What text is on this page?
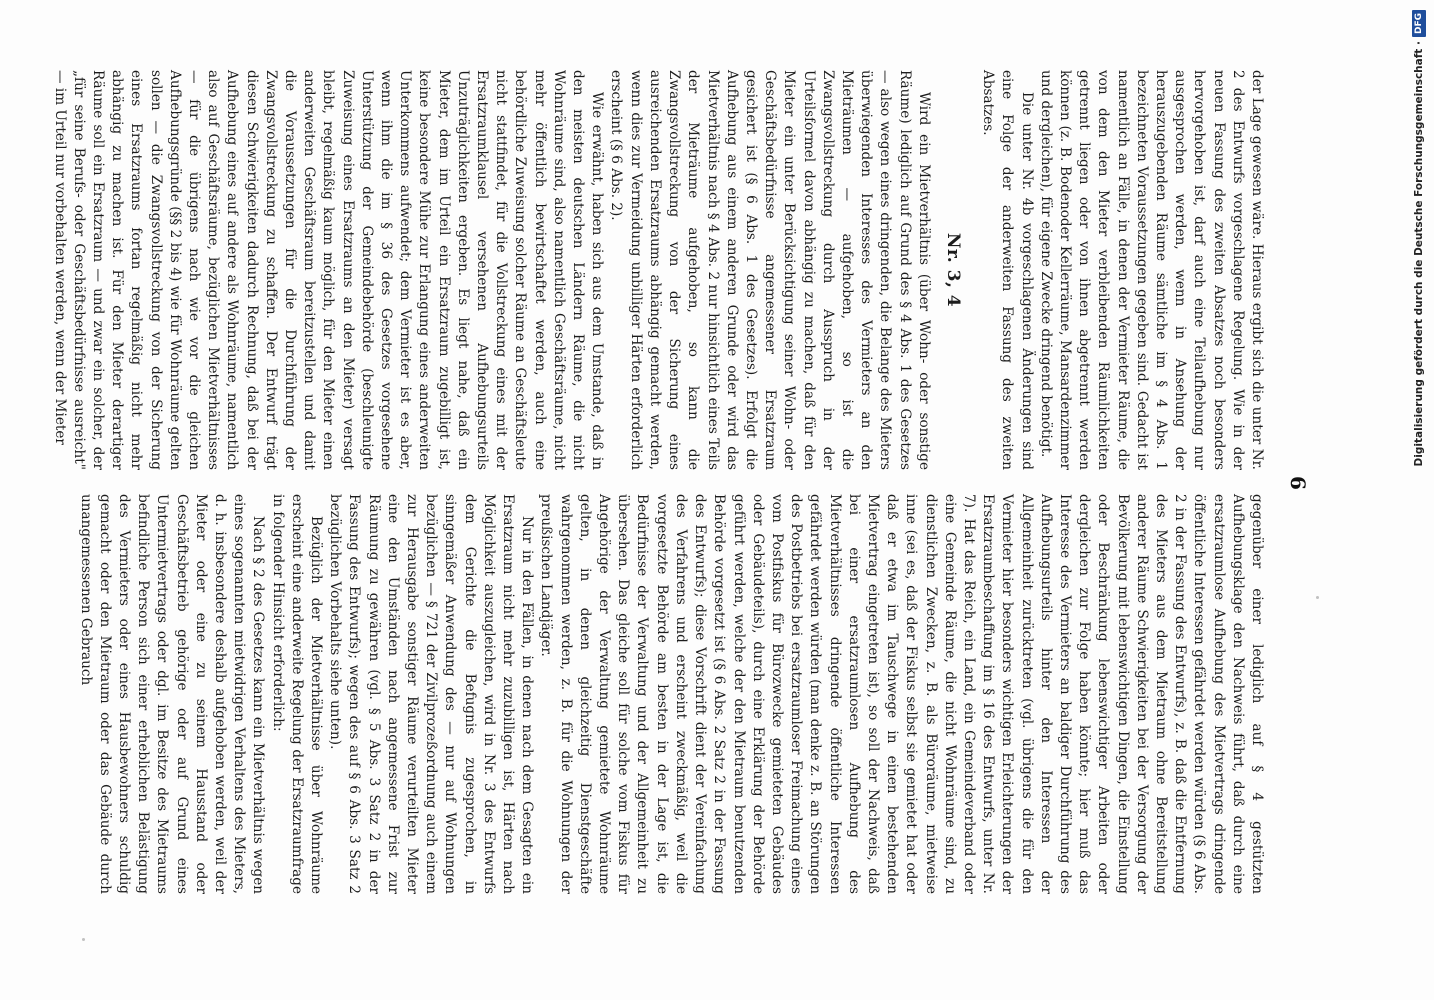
6

der Lage gewesen wäre. Hieraus ergibt sich die unter Nr. 2 des Entwurfs vorgeschlagene Regelung. Wie in der neuen Fassung des zweiten Absatzes noch besonders hervorgehoben ist, darf auch eine Teilaufhebung nur ausgesprochen werden, wenn in Ansehung der herauszugebenden Räume sämtliche im § 4 Abs. 1 bezeichneten Voraussetzungen gegeben sind. Gedacht ist namentlich an Fälle, in denen der Vermieter Räume, die von dem den Mieter verbleibenden Räumlichkeiten getrennt liegen oder von ihnen abgetrennt werden können (z. B. Bodenoder Kellerräume, Mansardenzimmer und dergleichen), für eigene Zwecke dringend benötigt.

Die unter Nr. 4b vorgeschlagenen Änderungen sind eine Folge der anderweiten Fassung des zweiten Absatzes.

Nr. 3, 4

Wird ein Mietverhältnis (über Wohn- oder sonstige Räume) lediglich auf Grund des § 4 Abs. 1 des Gesetzes — also wegen eines dringenden, die Belange des Mieters überwiegenden Interesses des Vermieters an den Mieträumen — aufgehoben, so ist die Zwangsvollstreckung durch Ausspruch in der Urteilsformel davon abhängig zu machen, daß für den Mieter ein unter Berücksichtigung seiner Wohn- oder Geschäftsbedürfnisse angemessener Ersatzraum gesichert ist (§ 6 Abs. 1 des Gesetzes). Erfolgt die Aufhebung aus einem anderen Grunde oder wird das Mietverhältnis nach § 4 Abs. 2 nur hinsichtlich eines Teils der Mieträume aufgehoben, so kann die Zwangsvollstreckung von der Sicherung eines ausreichenden Ersatzraums abhängig gemacht werden, wenn dies zur Vermeidung unbilliger Härten erforderlich erscheint (§ 6 Abs. 2).

Wie erwähnt, haben sich aus dem Umstande, daß in den meisten deutschen Ländern Räume, die nicht Wohnräume sind, also namentlich Geschäftsräume, nicht mehr öffentlich bewirtschaftet werden, auch eine behördliche Zuweisung solcher Räume an Geschäftsleute nicht stattfindet, für die Vollstreckung eines mit der Ersatzraumklausel versehenen Aufhebungsurteils Unzuträglichkeiten ergeben. Es liegt nahe, daß ein Mieter, dem im Urteil ein Ersatzraum zugebilligt ist, keine besondere Mühe zur Erlangung eines anderweiten Unterkommens aufwendet; dem Vermieter ist es aber, wenn ihm die im § 36 des Gesetzes vorgesehene Unterstützung der Gemeindebehörde (beschleunigte Zuweisung eines Ersatzraums an den Mieter) versagt bleibt, regelmäßig kaum möglich, für den Mieter einen anderweiten Geschäftsraum bereitzustellen und damit die Voraussetzungen für die Durchführung der Zwangsvollstreckung zu schaffen. Der Entwurf trägt diesen Schwierigkeiten dadurch Rechnung, daß bei der Aufhebung eines auf andere als Wohnräume, namentlich also auf Geschäftsräume, bezüglichen Mietverhältnisses — für die übrigens nach wie vor die gleichen Aufhebungsgründe (§§ 2 bis 4) wie für Wohnräume gelten sollen — die Zwangsvollstreckung von der Sicherung eines Ersatzraums fortan regelmäßig nicht mehr abhängig zu machen ist. Für den Mieter derartiger Räume soll ein Ersatzraum — und zwar ein solcher, der „für seine Berufs- oder Geschäftsbedürfnisse ausreicht" — im Urteil nur vorbehalten werden, wenn der Mieter

gegenüber einer lediglich auf § 4 gestützten Aufhebungsklage den Nachweis führt, daß durch eine ersatzraumlose Aufhebung des Mietvertrags dringende öffentliche Interessen gefährdet werden würden (§ 6 Abs. 2 in der Fassung des Entwurfs), z. B. daß die Entfernung des Mieters aus dem Mietraum ohne Bereitstellung anderer Räume Schwierigkeiten bei der Versorgung der Bevölkerung mit lebenswichtigen Dingen, die Einstellung oder Beschränkung lebenswichtiger Arbeiten oder dergleichen zur Folge haben könnte; hier muß das Interesse des Vermieters an baldiger Durchführung des Aufhebungsurteils hinter den Interessen der Allgemeinheit zurücktreten (vgl. übrigens die für den Vermieter hier besonders wichtigen Erleichterungen der Ersatzraumbeschaffung im § 16 des Entwurfs, unter Nr. 7). Hat das Reich, ein Land, ein Gemeindeverband oder eine Gemeinde Räume, die nicht Wohnräume sind, zu dienstlichen Zwecken, z. B. als Büroräume, mietweise inne (sei es, daß der Fiskus selbst sie gemietet hat oder daß er etwa im Tauschwege in einen bestehenden Mietvertrag eingetreten ist), so soll der Nachweis, daß bei einer ersatzraumlosen Aufhebung des Mietverhältnisses dringende öffentliche Interessen gefährdet werden würden (man denke z. B. an Störungen des Postbetriebs bei ersatzraumloser Freimachung eines vom Postfiskus für Bürozwecke gemieteten Gebäudes oder Gebäudeteils), durch eine Erklärung der Behörde geführt werden, welche der den Mietraum benutzenden Behörde vorgesetzt ist (§ 6 Abs. 2 Satz 2 in der Fassung des Entwurfs); diese Vorschrift dient der Vereinfachung des Verfahrens und erscheint zweckmäßig, weil die vorgesetzte Behörde am besten in der Lage ist, die Bedürfnisse der Verwaltung und der Allgemeinheit zu übersehen. Das gleiche soll für solche vom Fiskus für Angehörige der Verwaltung gemietete Wohnräume gelten, in denen gleichzeitig Dienstgeschäfte wahrgenommen werden, z. B. für die Wohnungen der preußischen Landjäger.

Nur in den Fällen, in denen nach dem Gesagten ein Ersatzraum nicht mehr zuzubilligen ist, Härten nach Möglichkeit auszugleichen, wird in Nr. 3 des Entwurfs dem Gerichte die Befugnis zugesprochen, in sinngemäßer Anwendung des — nur auf Wohnungen bezüglichen — § 721 der Zivilprozeßordnung auch einem zur Herausgabe sonstiger Räume verurteilten Mieter eine den Umständen nach angemessene Frist zur Räumung zu gewähren (vgl. § 5 Abs. 3 Satz 2 in der Fassung des Entwurfs); wegen des auf § 6 Abs. 3 Satz 2 bezüglichen Vorbehalts siehe unten).

Bezüglich der Mietverhältnisse über Wohnräume erscheint eine anderweite Regelung der Ersatzraumfrage in folgender Hinsicht erforderlich:

Nach § 2 des Gesetzes kann ein Mietverhältnis wegen eines sogenannten mietwidrigen Verhaltens des Mieters, d. h. insbesondere deshalb aufgehoben werden, weil der Mieter oder eine zu seinem Hausstand oder Geschäftsbetrieb gehörige oder auf Grund eines Untermietvertrags oder dgl. im Besitze des Mietraums befindliche Person sich einer erheblichen Belästigung des Vermieters oder eines Hausbewohners schuldig gemacht oder den Mietraum oder das Gebäude durch unangemessenen Gebrauch

Digitalisierung gefördert durch die Deutsche Forschungsgemeinschaft ·
DFG
